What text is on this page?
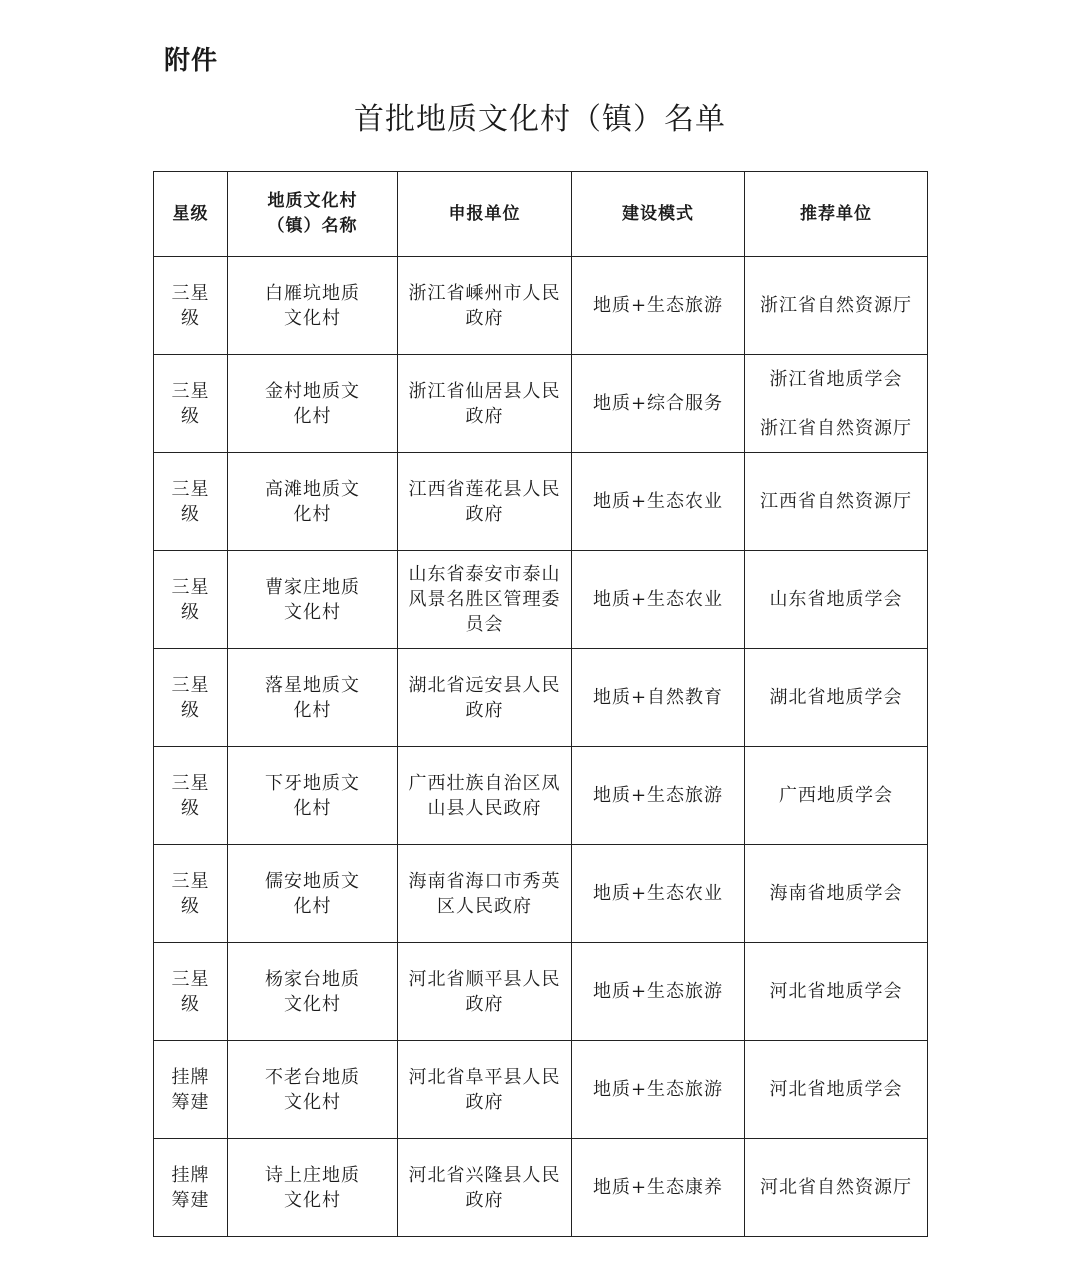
附件
首批地质文化村（镇）名单
星级	地质文化村（镇）名称	申报单位	建设模式	推荐单位
三星级	白雁坑地质文化村	浙江省嵊州市人民政府	地质+生态旅游	浙江省自然资源厅

三星级	金村地质文化村	浙江省仙居县人民政府	地质+综合服务	浙江省地质学会
浙江省自然资源厅

三星级	高滩地质文化村	江西省莲花县人民政府	地质+生态农业	江西省自然资源厅

三星级	曹家庄地质文化村	山东省泰安市泰山风景名胜区管理委员会	地质+生态农业	山东省地质学会

三星级	落星地质文化村	湖北省远安县人民政府	地质+自然教育	湖北省地质学会

三星级	下牙地质文化村	广西壮族自治区凤山县人民政府	地质+生态旅游	广西地质学会

三星级	儒安地质文化村	海南省海口市秀英区人民政府	地质+生态农业	海南省地质学会

三星级	杨家台地质文化村	河北省顺平县人民政府	地质+生态旅游	河北省地质学会

挂牌筹建	不老台地质文化村	河北省阜平县人民政府	地质+生态旅游	河北省地质学会

挂牌筹建	诗上庄地质文化村	河北省兴隆县人民政府	地质+生态康养	河北省自然资源厅
